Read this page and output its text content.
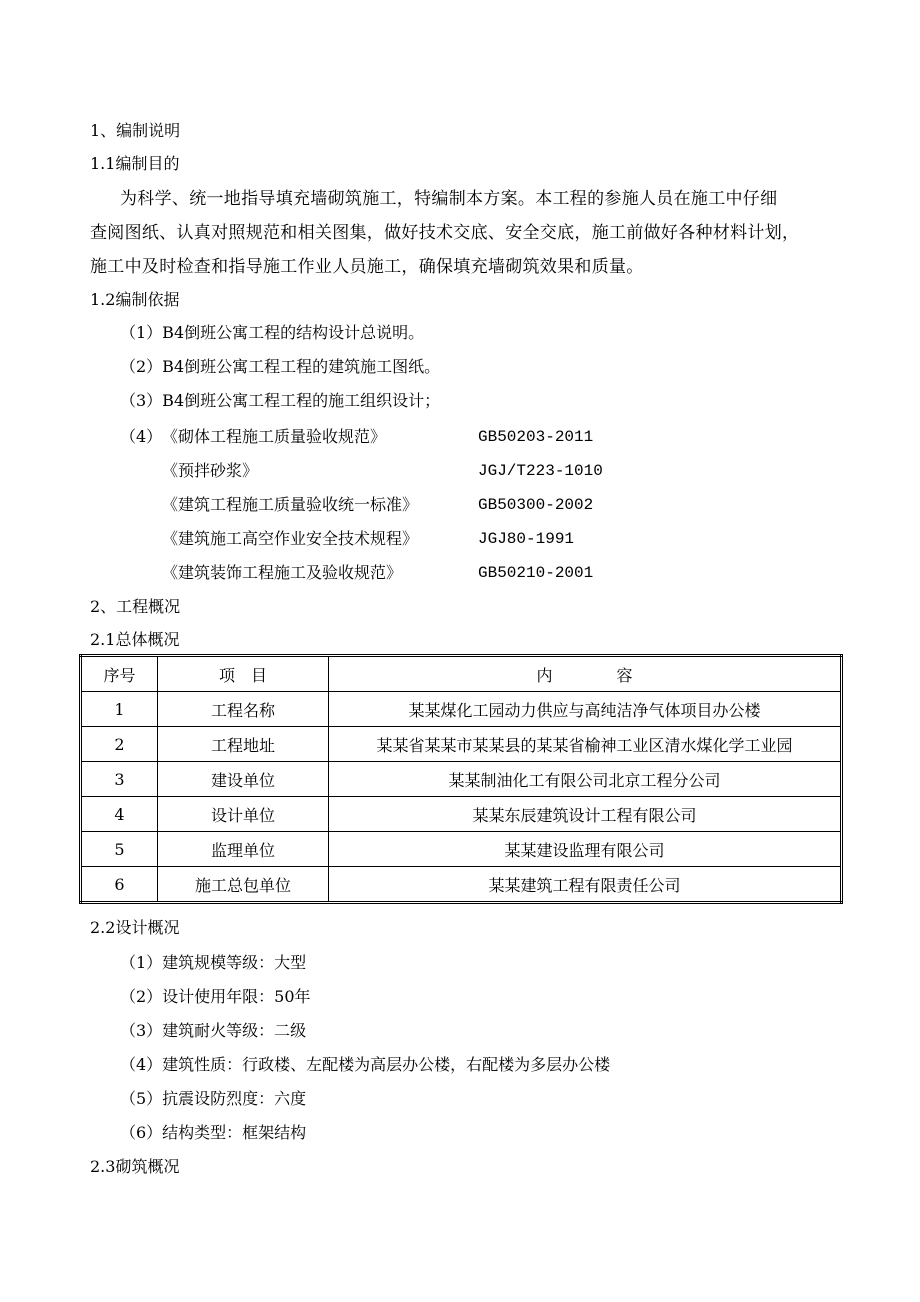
1、编制说明
1.1编制目的
为科学、统一地指导填充墙砌筑施工，特编制本方案。本工程的参施人员在施工中仔细
查阅图纸、认真对照规范和相关图集，做好技术交底、安全交底，施工前做好各种材料计划，
施工中及时检查和指导施工作业人员施工，确保填充墙砌筑效果和质量。
1.2编制依据
（1）B4倒班公寓工程的结构设计总说明。
（2）B4倒班公寓工程工程的建筑施工图纸。
（3）B4倒班公寓工程工程的施工组织设计；
（4） 《砌体工程施工质量验收规范》	GB50203-2011
《预拌砂浆》	JGJ/T223-1010
《建筑工程施工质量验收统一标准》	GB50300-2002
《建筑施工高空作业安全技术规程》	JGJ80-1991
《建筑装饰工程施工及验收规范》	GB50210-2001
2、工程概况
2.1总体概况
序号	项　目	内　　　　容
1	工程名称	某某煤化工园动力供应与高纯洁净气体项目办公楼
2	工程地址	某某省某某市某某县的某某省榆神工业区清水煤化学工业园
3	建设单位	某某制油化工有限公司北京工程分公司
4	设计单位	某某东辰建筑设计工程有限公司
5	监理单位	某某建设监理有限公司
6	施工总包单位	某某建筑工程有限责任公司
2.2设计概况
（1）建筑规模等级：大型
（2）设计使用年限：50年
（3）建筑耐火等级：二级
（4）建筑性质：行政楼、左配楼为高层办公楼，右配楼为多层办公楼
（5）抗震设防烈度：六度
（6）结构类型：框架结构
2.3砌筑概况
